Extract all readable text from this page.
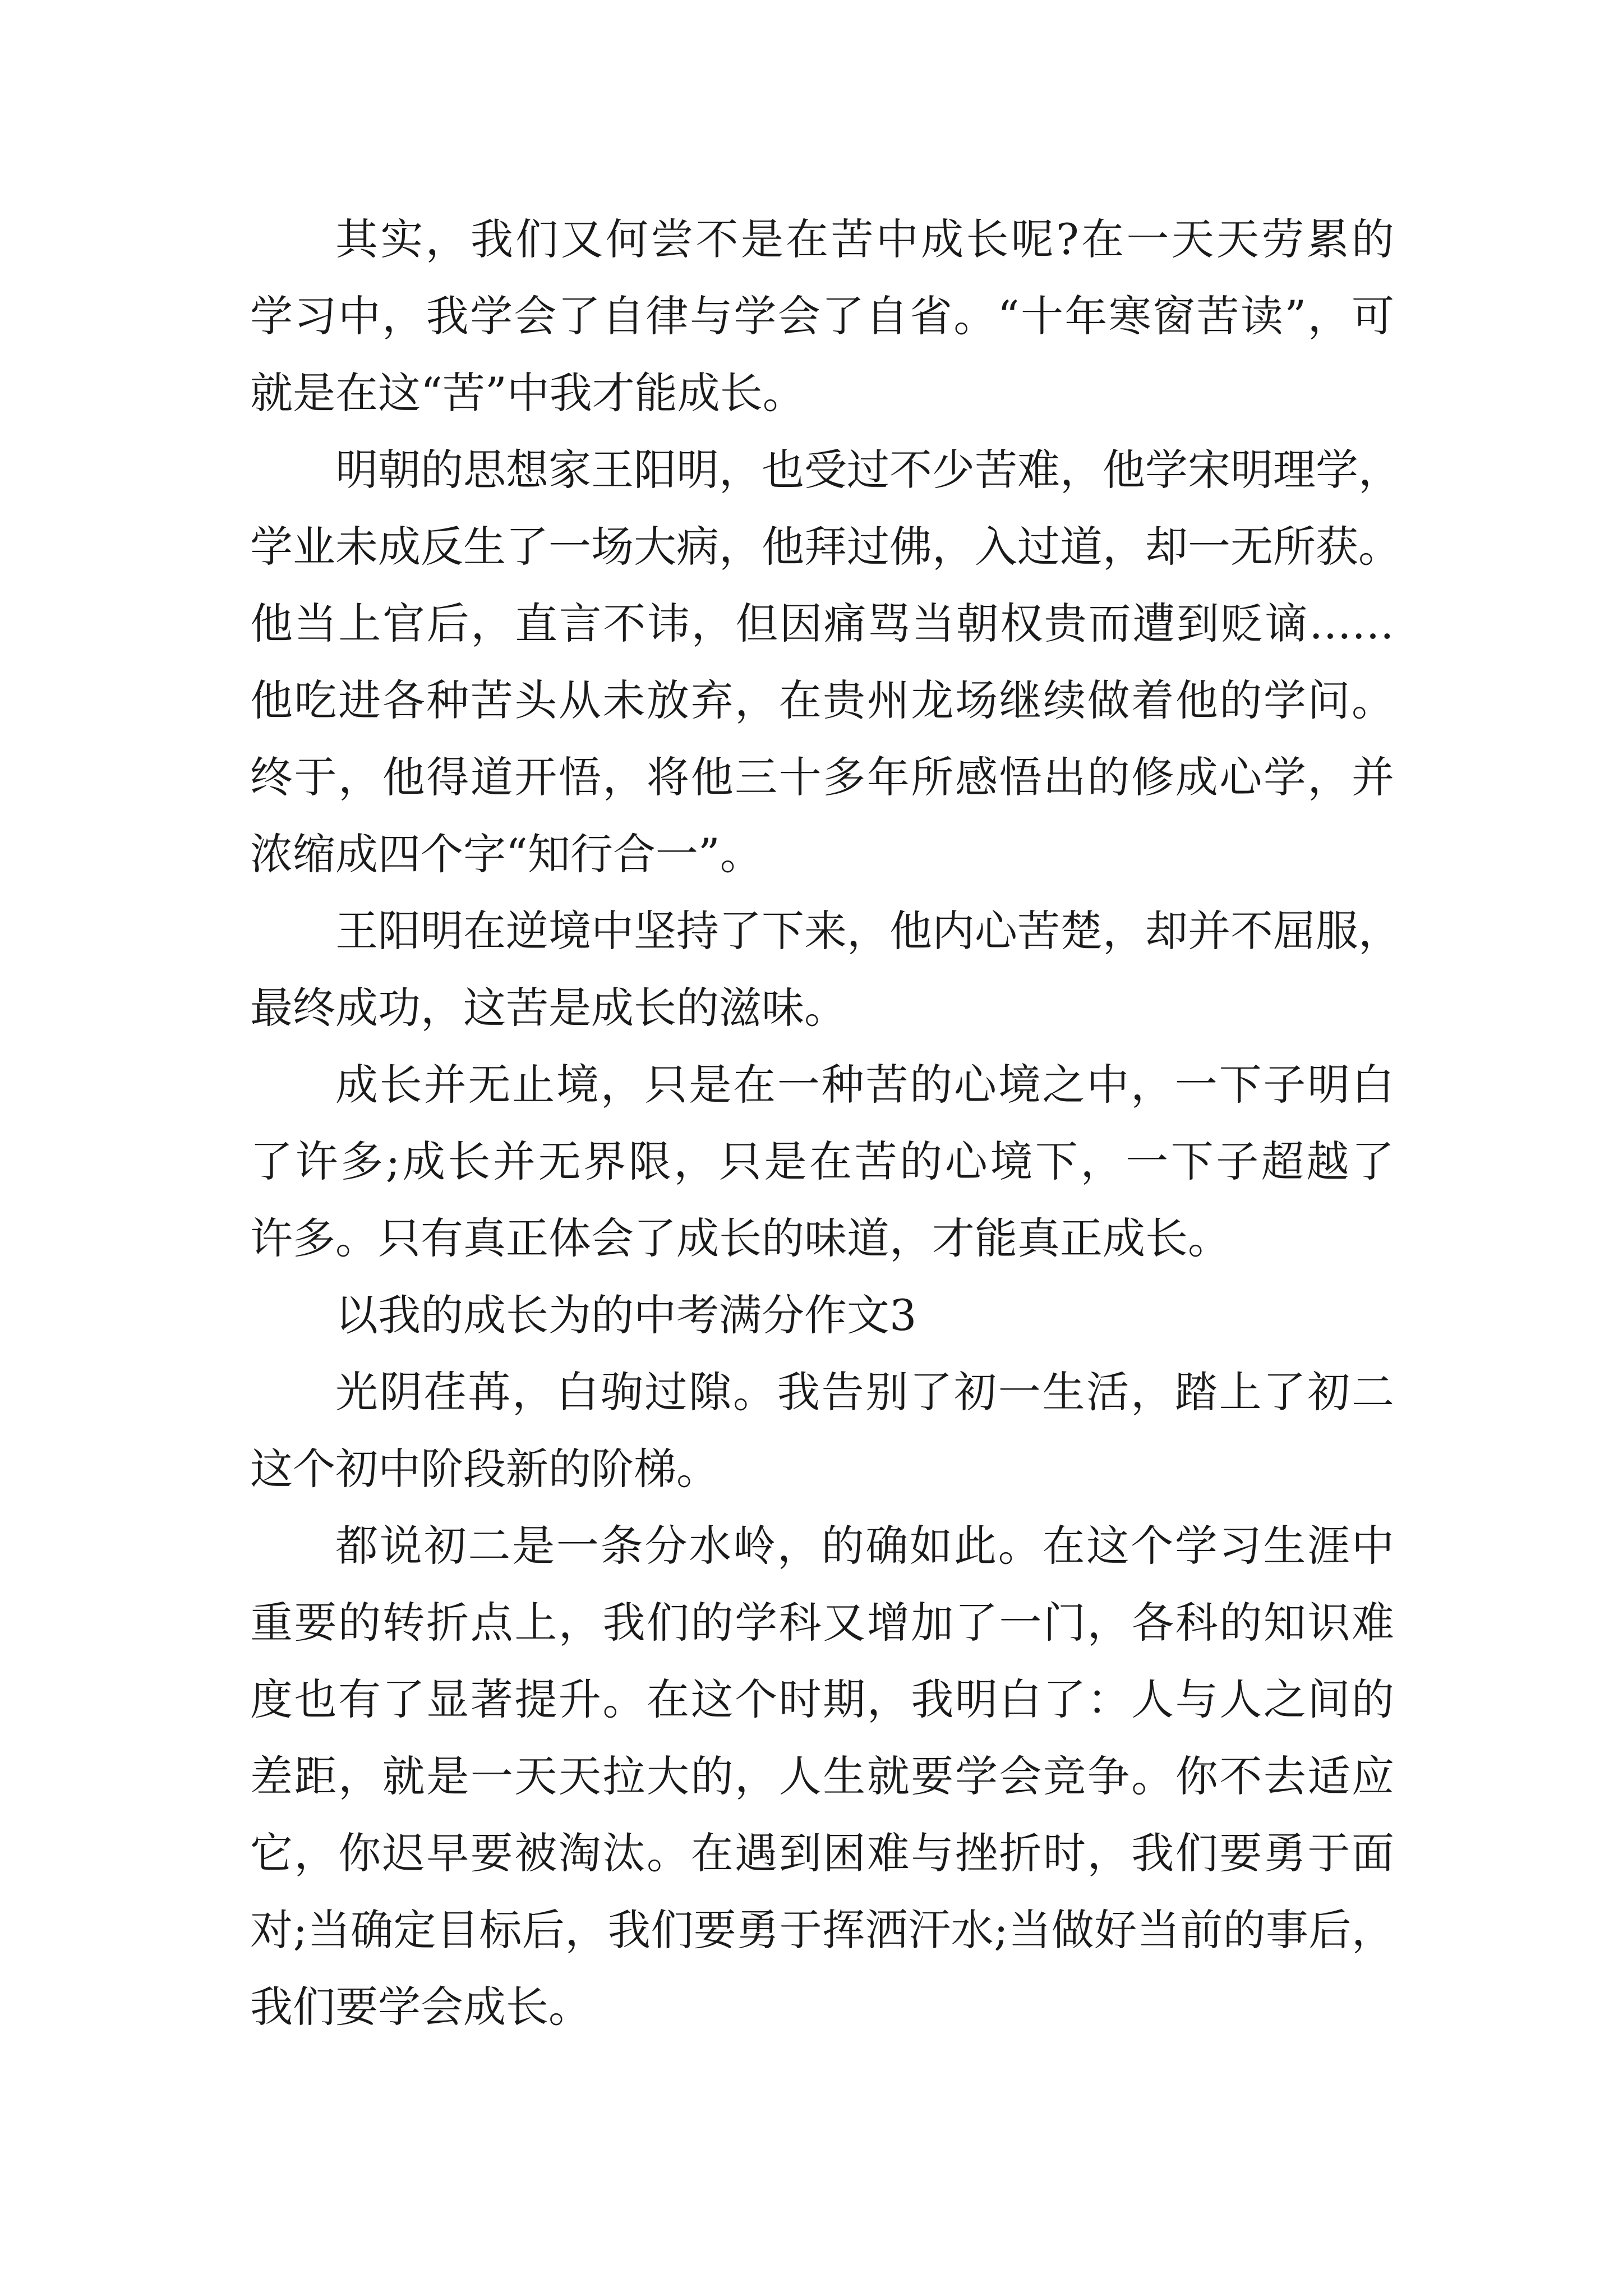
其实，我们又何尝不是在苦中成长呢?在一天天劳累的
学习中，我学会了自律与学会了自省。“十年寒窗苦读”，可
就是在这“苦”中我才能成长。
明朝的思想家王阳明，也受过不少苦难，他学宋明理学，
学业未成反生了一场大病，他拜过佛，入过道，却一无所获。
他当上官后，直言不讳，但因痛骂当朝权贵而遭到贬谪……
他吃进各种苦头从未放弃，在贵州龙场继续做着他的学问。
终于，他得道开悟，将他三十多年所感悟出的修成心学，并
浓缩成四个字“知行合一”。
王阳明在逆境中坚持了下来，他内心苦楚，却并不屈服，
最终成功，这苦是成长的滋味。
成长并无止境，只是在一种苦的心境之中，一下子明白
了许多;成长并无界限，只是在苦的心境下，一下子超越了
许多。只有真正体会了成长的味道，才能真正成长。
以我的成长为的中考满分作文3
光阴荏苒，白驹过隙。我告别了初一生活，踏上了初二
这个初中阶段新的阶梯。
都说初二是一条分水岭，的确如此。在这个学习生涯中
重要的转折点上，我们的学科又增加了一门，各科的知识难
度也有了显著提升。在这个时期，我明白了：人与人之间的
差距，就是一天天拉大的，人生就要学会竞争。你不去适应
它，你迟早要被淘汰。在遇到困难与挫折时，我们要勇于面
对;当确定目标后，我们要勇于挥洒汗水;当做好当前的事后，
我们要学会成长。
